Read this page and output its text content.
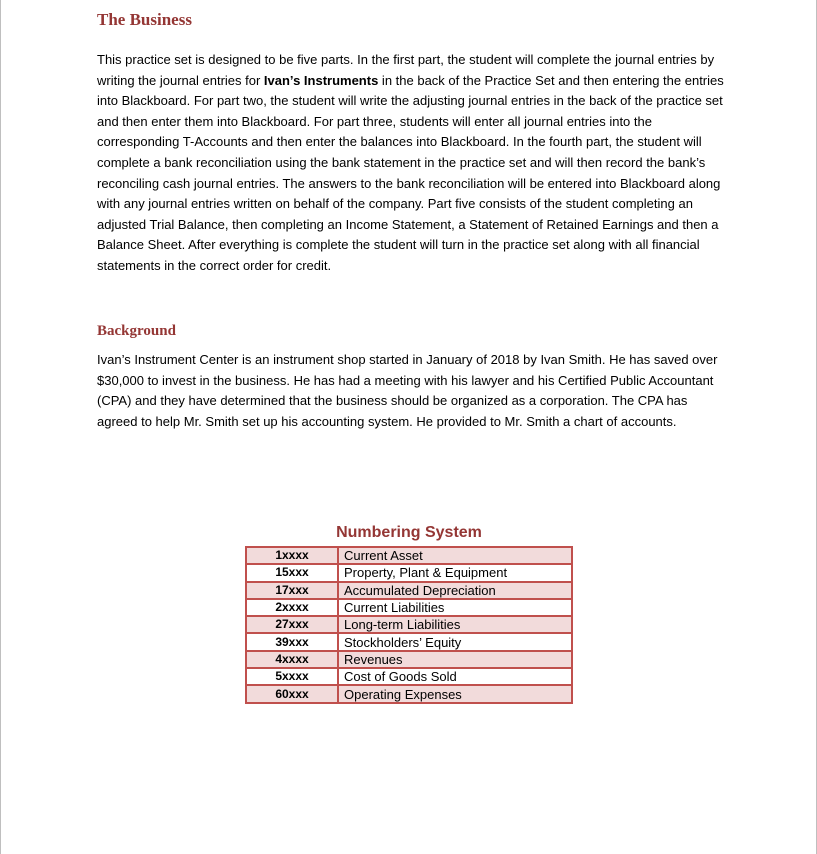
The Business

This practice set is designed to be five parts. In the first part, the student will complete the journal entries by writing the journal entries for Ivan’s Instruments in the back of the Practice Set and then entering the entries into Blackboard. For part two, the student will write the adjusting journal entries in the back of the practice set and then enter them into Blackboard. For part three, students will enter all journal entries into the corresponding T-Accounts and then enter the balances into Blackboard. In the fourth part, the student will complete a bank reconciliation using the bank statement in the practice set and will then record the bank’s reconciling cash journal entries. The answers to the bank reconciliation will be entered into Blackboard along with any journal entries written on behalf of the company. Part five consists of the student completing an adjusted Trial Balance, then completing an Income Statement, a Statement of Retained Earnings and then a Balance Sheet. After everything is complete the student will turn in the practice set along with all financial statements in the correct order for credit.

Background

Ivan’s Instrument Center is an instrument shop started in January of 2018 by Ivan Smith. He has saved over $30,000 to invest in the business. He has had a meeting with his lawyer and his Certified Public Accountant (CPA) and they have determined that the business should be organized as a corporation. The CPA has agreed to help Mr. Smith set up his accounting system. He provided to Mr. Smith a chart of accounts.

Numbering System
1xxxx	Current Asset
15xxx	Property, Plant & Equipment
17xxx	Accumulated Depreciation
2xxxx	Current Liabilities
27xxx	Long-term Liabilities
39xxx	Stockholders’ Equity
4xxxx	Revenues
5xxxx	Cost of Goods Sold
60xxx	Operating Expenses
